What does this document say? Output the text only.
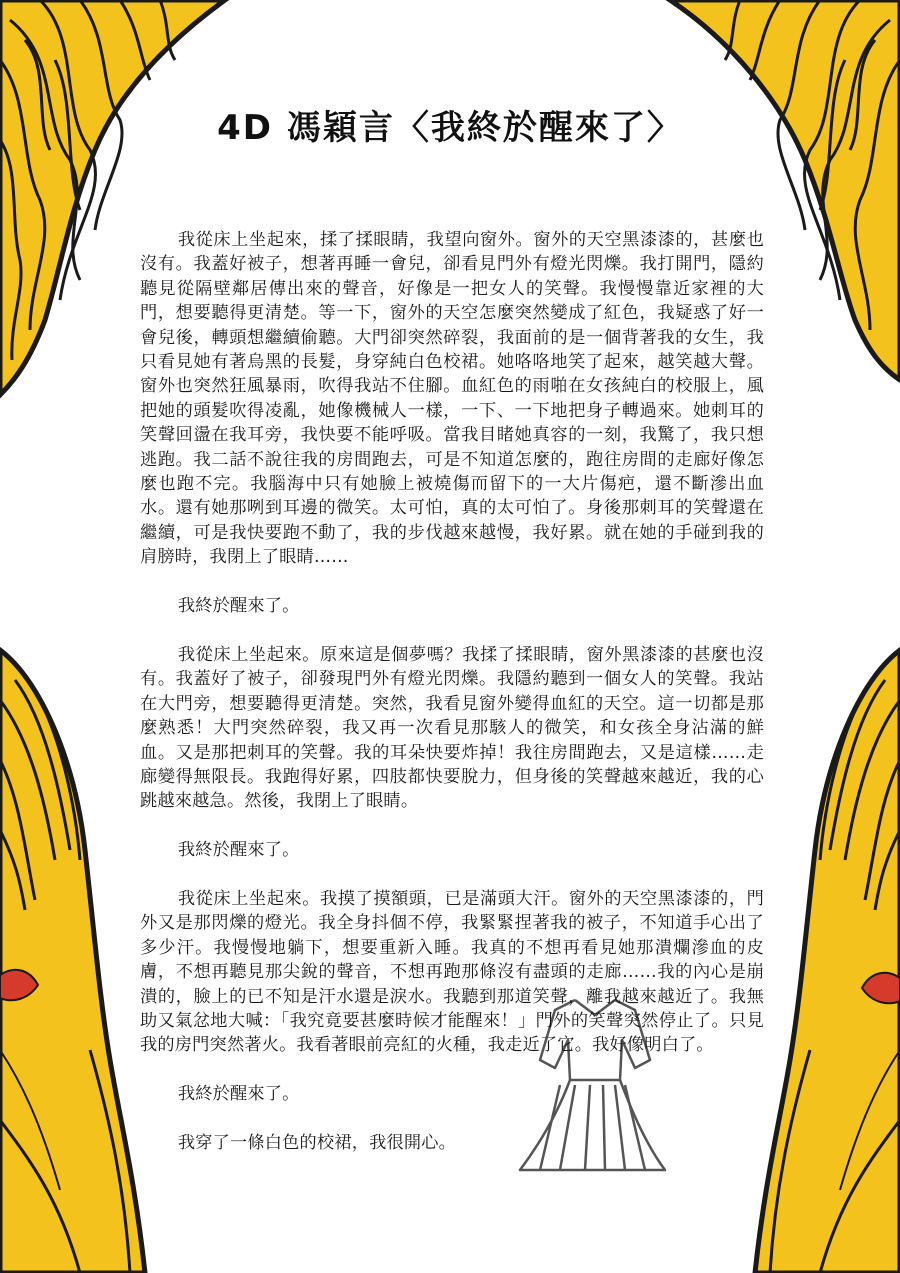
4D 馮穎言〈我終於醒來了〉

我從床上坐起來，揉了揉眼睛，我望向窗外。窗外的天空黑漆漆的，甚麼也沒有。我蓋好被子，想著再睡一會兒，卻看見門外有燈光閃爍。我打開門，隱約聽見從隔壁鄰居傳出來的聲音，好像是一把女人的笑聲。我慢慢靠近家裡的大門，想要聽得更清楚。等一下，窗外的天空怎麼突然變成了紅色，我疑惑了好一會兒後，轉頭想繼續偷聽。大門卻突然碎裂，我面前的是一個背著我的女生，我只看見她有著烏黑的長髮，身穿純白色校裙。她咯咯地笑了起來，越笑越大聲。窗外也突然狂風暴雨，吹得我站不住腳。血紅色的雨啪在女孩純白的校服上，風把她的頭髮吹得凌亂，她像機械人一樣，一下、一下地把身子轉過來。她刺耳的笑聲回盪在我耳旁，我快要不能呼吸。當我目睹她真容的一刻，我驚了，我只想逃跑。我二話不說往我的房間跑去，可是不知道怎麼的，跑往房間的走廊好像怎麼也跑不完。我腦海中只有她臉上被燒傷而留下的一大片傷疤，還不斷滲出血水。還有她那咧到耳邊的微笑。太可怕，真的太可怕了。身後那刺耳的笑聲還在繼續，可是我快要跑不動了，我的步伐越來越慢，我好累。就在她的手碰到我的肩膀時，我閉上了眼睛……

我終於醒來了。

我從床上坐起來。原來這是個夢嗎？我揉了揉眼睛，窗外黑漆漆的甚麼也沒有。我蓋好了被子，卻發現門外有燈光閃爍。我隱約聽到一個女人的笑聲。我站在大門旁，想要聽得更清楚。突然，我看見窗外變得血紅的天空。這一切都是那麼熟悉！大門突然碎裂，我又再一次看見那駭人的微笑，和女孩全身沾滿的鮮血。又是那把刺耳的笑聲。我的耳朵快要炸掉！我往房間跑去，又是這樣……走廊變得無限長。我跑得好累，四肢都快要脫力，但身後的笑聲越來越近，我的心跳越來越急。然後，我閉上了眼睛。

我終於醒來了。

我從床上坐起來。我摸了摸額頭，已是滿頭大汗。窗外的天空黑漆漆的，門外又是那閃爍的燈光。我全身抖個不停，我緊緊捏著我的被子，不知道手心出了多少汗。我慢慢地躺下，想要重新入睡。我真的不想再看見她那潰爛滲血的皮膚，不想再聽見那尖銳的聲音，不想再跑那條沒有盡頭的走廊……我的內心是崩潰的，臉上的已不知是汗水還是淚水。我聽到那道笑聲，離我越來越近了。我無助又氣忿地大喊：「我究竟要甚麼時候才能醒來！」門外的笑聲突然停止了。只見我的房門突然著火。我看著眼前亮紅的火種，我走近了它。我好像明白了。

我終於醒來了。

我穿了一條白色的校裙，我很開心。
